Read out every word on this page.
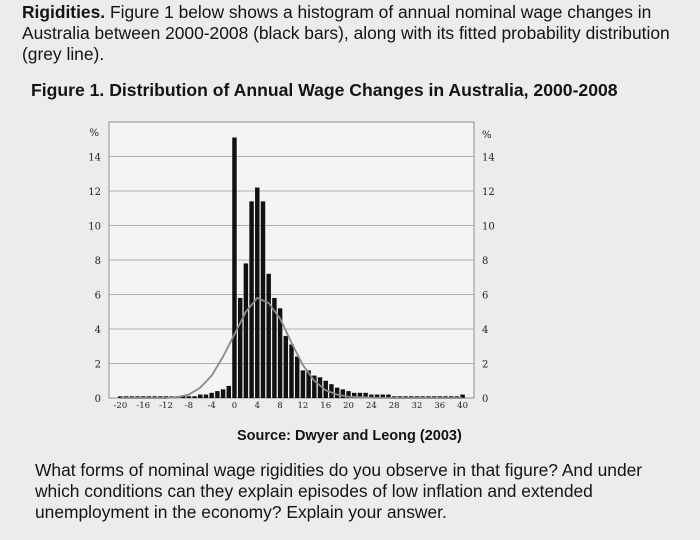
Rigidities. Figure 1 below shows a histogram of annual nominal wage changes in Australia between 2000-2008 (black bars), along with its fitted probability distribution (grey line).
Figure 1. Distribution of Annual Wage Changes in Australia, 2000-2008
0	0
2	2
4	4
6	6
8	8
10	10
12	12
14	14
%	%
-20 -16 -12 -8 -4 0 4 8 12 16 20 24 28 32 36 40
Source: Dwyer and Leong (2003)
What forms of nominal wage rigidities do you observe in that figure? And under which conditions can they explain episodes of low inflation and extended unemployment in the economy? Explain your answer.
